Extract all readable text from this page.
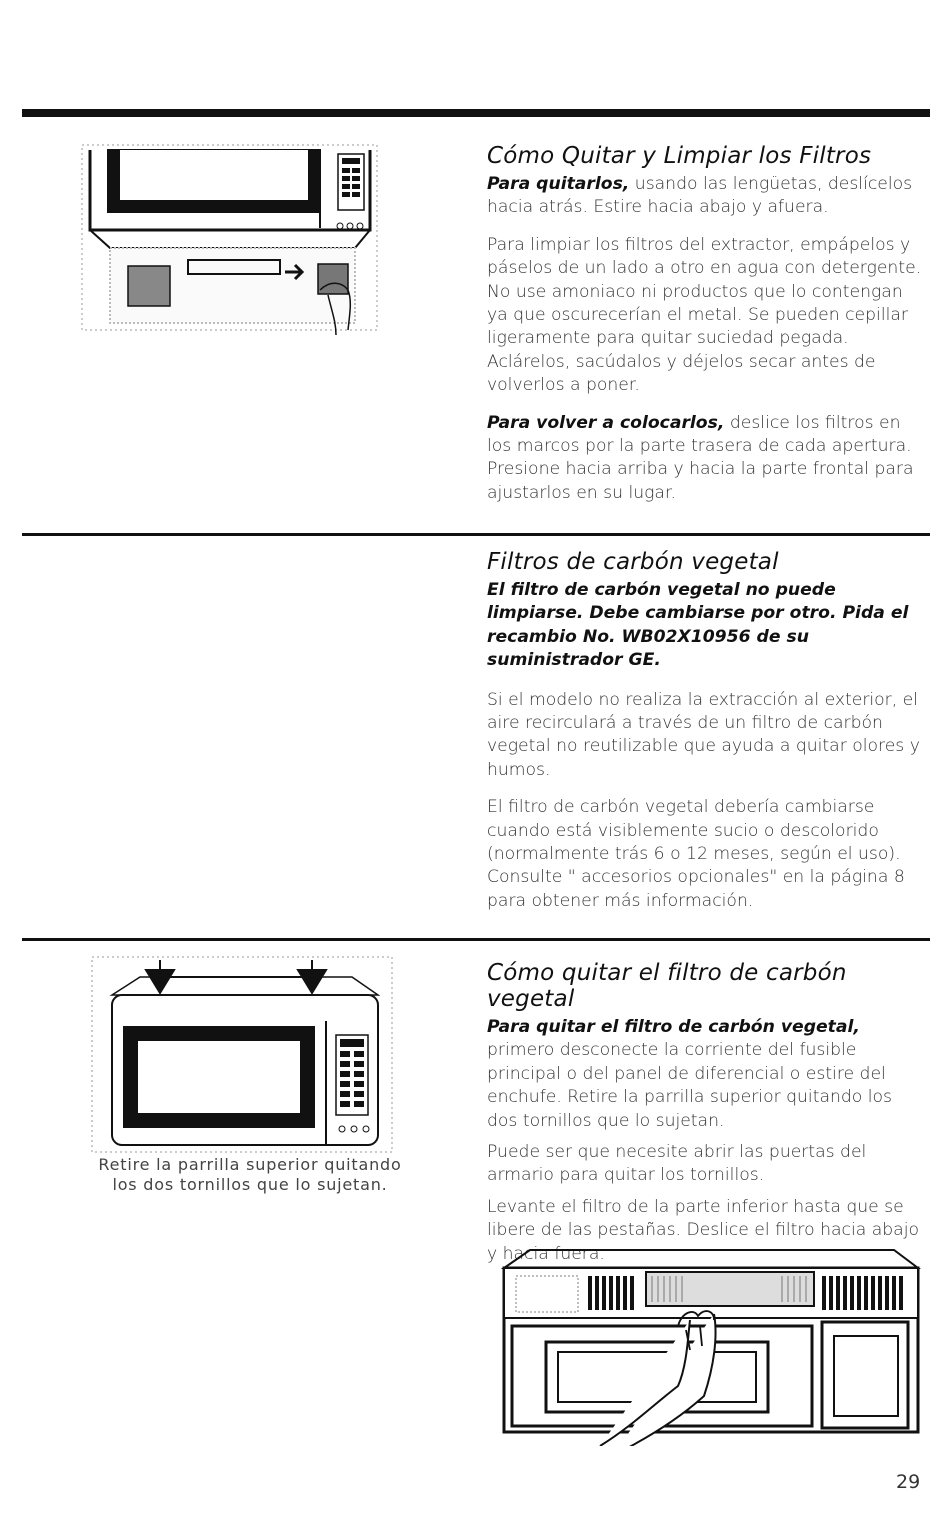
Cómo Quitar y Limpiar los Filtros

Para quitarlos, usando las lengüetas, deslícelos hacia atrás. Estire hacia abajo y afuera.

Para limpiar los filtros del extractor, empápelos y páselos de un lado a otro en agua con detergente. No use amoniaco ni productos que lo contengan ya que oscurecerían el metal. Se pueden cepillar ligeramente para quitar suciedad pegada. Aclárelos, sacúdalos y déjelos secar antes de volverlos a poner.

Para volver a colocarlos, deslice los filtros en los marcos por la parte trasera de cada apertura. Presione hacia arriba y hacia la parte frontal para ajustarlos en su lugar.

Filtros de carbón vegetal

El filtro de carbón vegetal no puede limpiarse. Debe cambiarse por otro. Pida el recambio No. WB02X10956 de su suministrador GE.

Si el modelo no realiza la extracción al exterior, el aire recirculará a través de un filtro de carbón vegetal no reutilizable que ayuda a quitar olores y humos.

El filtro de carbón vegetal debería cambiarse cuando está visiblemente sucio o descolorido (normalmente trás 6 o 12 meses, según el uso). Consulte " accesorios opcionales" en la página 8 para obtener más información.

Retire la parrilla superior quitando los dos tornillos que lo sujetan.
Cómo quitar el filtro de carbón vegetal

Para quitar el filtro de carbón vegetal, primero desconecte la corriente del fusible principal o del panel de diferencial o estire del enchufe. Retire la parrilla superior quitando los dos tornillos que lo sujetan.

Puede ser que necesite abrir las puertas del armario para quitar los tornillos.

Levante el filtro de la parte inferior hasta que se libere de las pestañas. Deslice el filtro hacia abajo y hacia fuera.

29
